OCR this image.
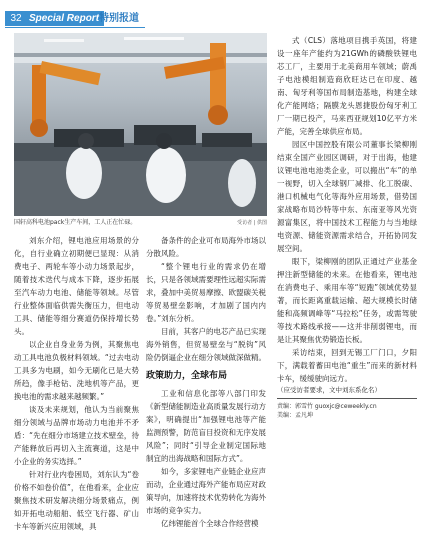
32 Special Report 特别报道
国轩高科电池pack生产车间，工人正在忙碌。	受访者 | 供图

刘东介绍，锂电池应用场景的分化，自行业确立初期便已显现：从消费电子、两轮车等小动力场景起步，随着技术迭代与成本下降，逐步拓展至汽车动力电池、储能等领域。尽管行业整体面临供需失衡压力，但电动工具、储能等细分赛道仍保持增长势头。

以企业自身业务为例，其聚焦电动工具电池负极材料领域。“过去电动工具多为电刷，如今无刷化已是大势所趋，像手枪钻、洗地机等产品，更换电池的需求越来越频繁。”

谈及未来规划，他认为当前聚焦细分领域与品牌市场动力电池并不矛盾：“先在细分市场建立技术壁垒，待产能释放后再切入主流赛道，这是中小企业的务实选择。”

针对行业内卷困局，刘东认为“卷价格不如卷价值”，在他看来，企业应聚焦技术研发解决细分场景痛点，例如开拓电动船舶、低空飞行器、矿山卡车等新兴应用领域，具

备条件的企业可布局海外市场以分散风险。

“整个锂电行业的需求仍在增长，只是各领域需要理性远超实际需求，叠加中美贸易摩擦、欧盟碳关税等贸易壁垒影响，才加剧了国内内卷。”刘东分析。

目前，其客户的电芯产品已实现海外销售，但贸易壁垒与“脱钩”风险仍倒逼企业在细分领域做深做精。

政策助力，全球布局

工业和信息化部等八部门印发《新型储能制造业高质量发展行动方案》，明确提出“加强锂电池等产能监测预警，防范盲目投资和无序发展风险”；同时“引导企业制定国际地制宜的出海战略和国际方式”。

如今，多家锂电产业链企业应声而动，企业通过海外产能布局应对政策导向，加速将技术优势转化为海外市场的竞争实力。

亿纬锂能首个全球合作经营模

式（CLS）落地项目携手英国，将建设一座年产能约为21GWh的磷酸铁锂电芯工厂，主要用于北美商用车领域；蔚禹子电池模组制造商欣旺达已在印度、越南、匈牙利等国布局制造基地，构建全球化产能网络；隔膜龙头恩捷股份匈牙利工厂一期已投产，马来西亚规划10亿平方米产能，完善全球供应布局。

园区中国控股有限公司董事长梁柳刚结束全国产业园区调研，对于出海，他建议锂电池电池类企业，可以搬出“车”的单一视野，切入全球钢厂减排、化工脱碳、港口机械电气化等海外应用场景，借势国家战略布局沙特等中东、东南亚等风光资源富集区，将中国技术工程能力与当地绿电资源、储能资源需求结合，开拓协同发展空间。

眼下，梁柳刚的团队正通过产业基金押注新型储能的未来。在他看来，锂电池在消费电子、乘用车等“短跑”领域优势显著，而长距离重载运输、超大规模长时储能和高频调峰等“马拉松”任务，或需驾驶等技术路线承接——这并非削弱锂电，而是让其聚焦优势锻造长板。

采访结束，回到无锡工厂门口，夕阳下，满载着蓄田电池“重生”而来的新材料卡车，缓缓驶向远方。

（应受访者要求，文中刘东系化名）

责编：郭雪竹 guoxjc@ceweekly.cn

美编：孟凡坤
